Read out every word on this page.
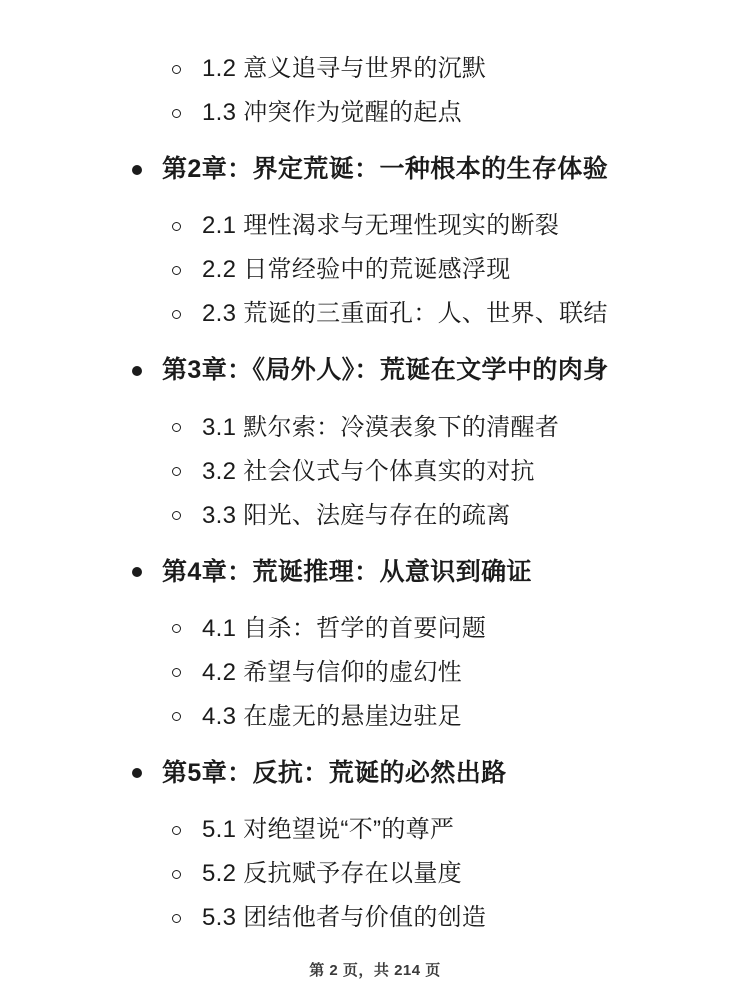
1.2 意义追寻与世界的沉默
1.3 冲突作为觉醒的起点
第2章：界定荒诞：一种根本的生存体验
2.1 理性渴求与无理性现实的断裂
2.2 日常经验中的荒诞感浮现
2.3 荒诞的三重面孔：人、世界、联结
第3章：《局外人》：荒诞在文学中的肉身
3.1 默尔索：冷漠表象下的清醒者
3.2 社会仪式与个体真实的对抗
3.3 阳光、法庭与存在的疏离
第4章：荒诞推理：从意识到确证
4.1 自杀：哲学的首要问题
4.2 希望与信仰的虚幻性
4.3 在虚无的悬崖边驻足
第5章：反抗：荒诞的必然出路
5.1 对绝望说“不”的尊严
5.2 反抗赋予存在以量度
5.3 团结他者与价值的创造
第 2 页，共 214 页
